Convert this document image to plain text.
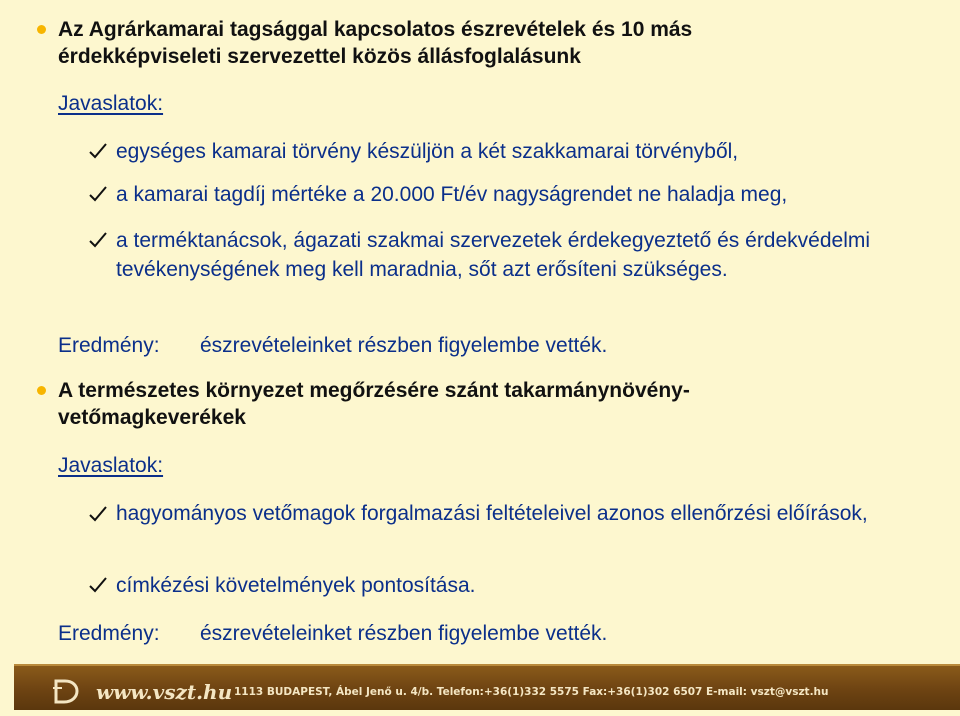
Az Agrárkamarai tagsággal kapcsolatos észrevételek és 10 más
érdekképviseleti szervezettel közös állásfoglalásunk
Javaslatok:
egységes kamarai törvény készüljön a két szakkamarai törvényből,
a kamarai tagdíj mértéke a 20.000 Ft/év nagyságrendet ne haladja meg,
a terméktanácsok, ágazati szakmai szervezetek érdekegyeztető és érdekvédelmi tevékenységének meg kell maradnia, sőt azt erősíteni szükséges.
Eredmény: észrevételeinket részben figyelembe vették.
A természetes környezet megőrzésére szánt takarmánynövény-
vetőmagkeverékek
Javaslatok:
hagyományos vetőmagok forgalmazási feltételeivel azonos ellenőrzési előírások,
címkézési követelmények pontosítása.
Eredmény: észrevételeinket részben figyelembe vették.
www.vszt.hu 1113 BUDAPEST, Ábel Jenő u. 4/b. Telefon:+36(1)332 5575 Fax:+36(1)302 6507 E-mail: vszt@vszt.hu
